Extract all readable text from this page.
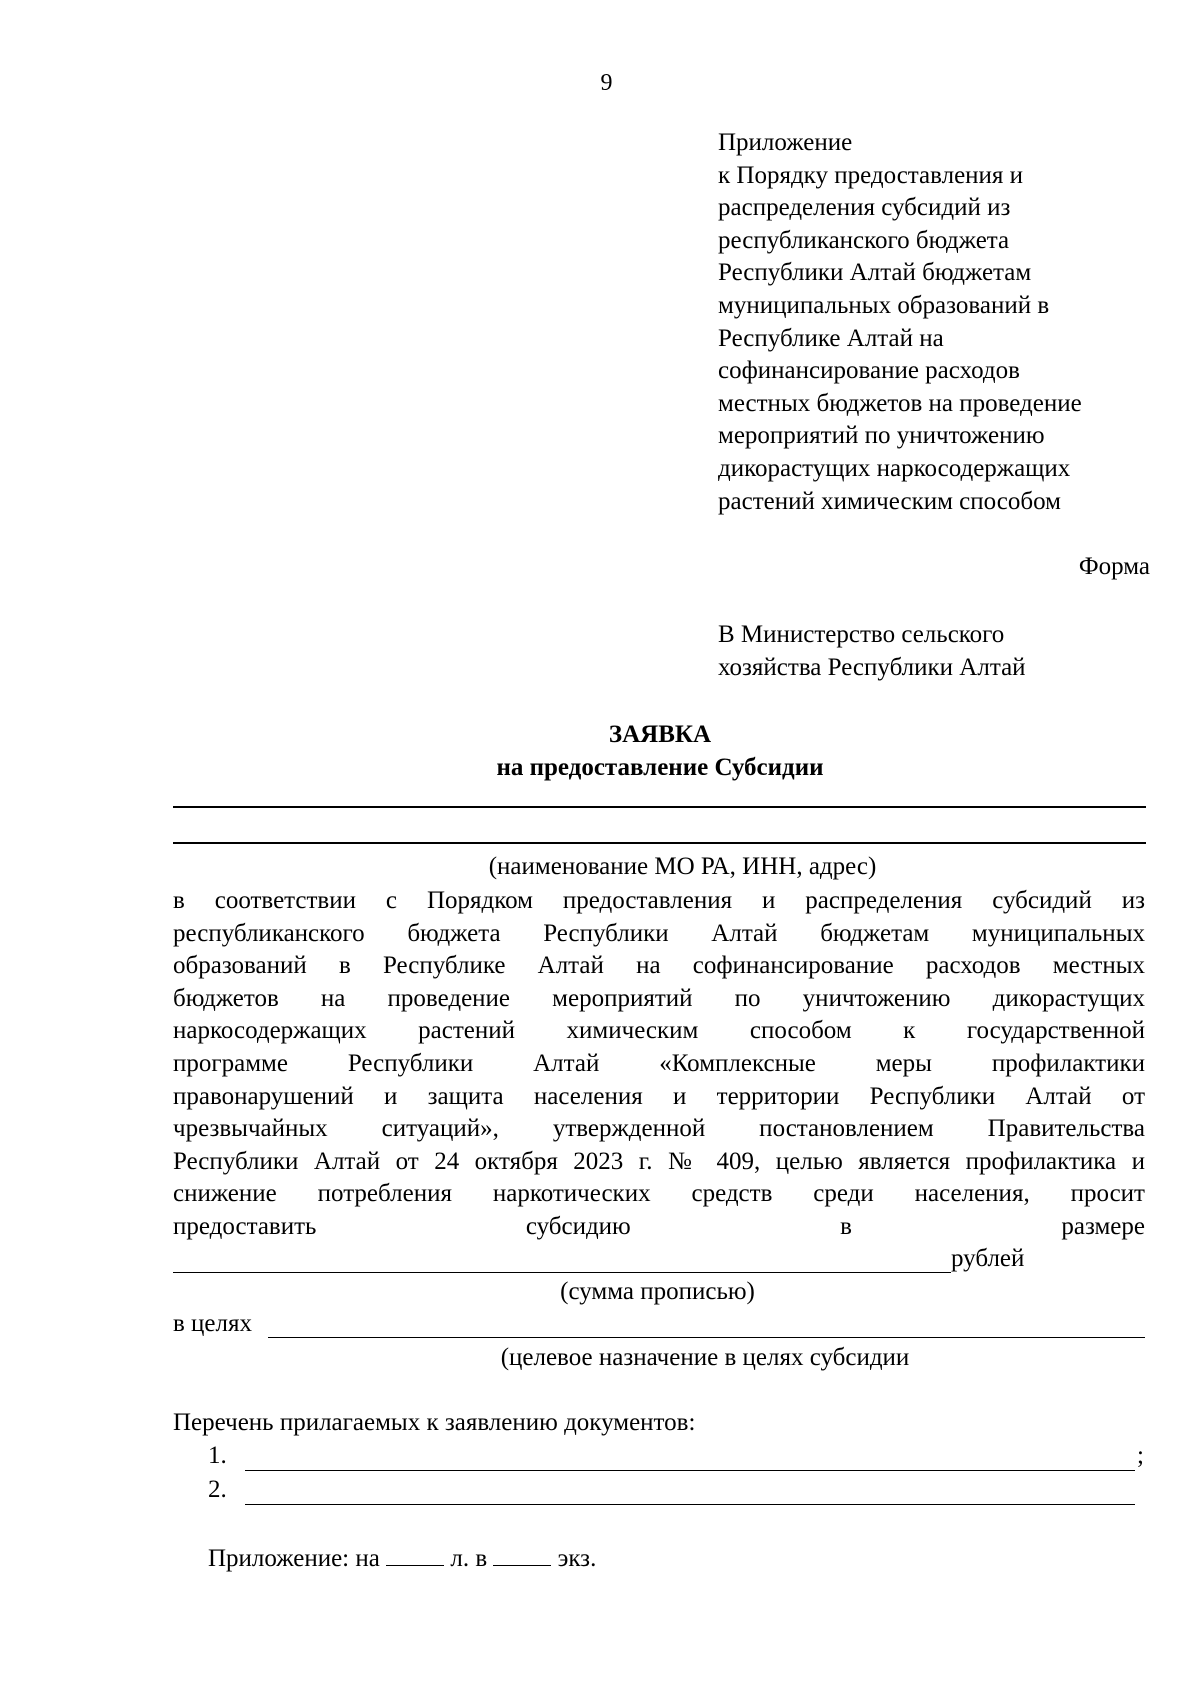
9
Приложение
к Порядку предоставления и
распределения субсидий из
республиканского бюджета
Республики Алтай бюджетам
муниципальных образований в
Республике Алтай на
софинансирование расходов
местных бюджетов на проведение
мероприятий по уничтожению
дикорастущих наркосодержащих
растений химическим способом
Форма
В Министерство сельского
хозяйства Республики Алтай
ЗАЯВКА
на предоставление Субсидии
(наименование МО РА, ИНН, адрес)
в соответствии с Порядком предоставления и распределения субсидий из
республиканского бюджета Республики Алтай бюджетам муниципальных
образований в Республике Алтай на софинансирование расходов местных
бюджетов на проведение мероприятий по уничтожению дикорастущих
наркосодержащих растений химическим способом к государственной
программе Республики Алтай «Комплексные меры профилактики
правонарушений и защита населения и территории Республики Алтай от
чрезвычайных ситуаций», утвержденной постановлением Правительства
Республики Алтай от 24 октября 2023 г. № 409, целью является профилактика и
снижение потребления наркотических средств среди населения, просит
предоставить субсидию в размере
рублей
(сумма прописью)
в целях
(целевое назначение в целях субсидии
Перечень прилагаемых к заявлению документов:
1.	;
2.
Приложение: на	л. в	экз.
